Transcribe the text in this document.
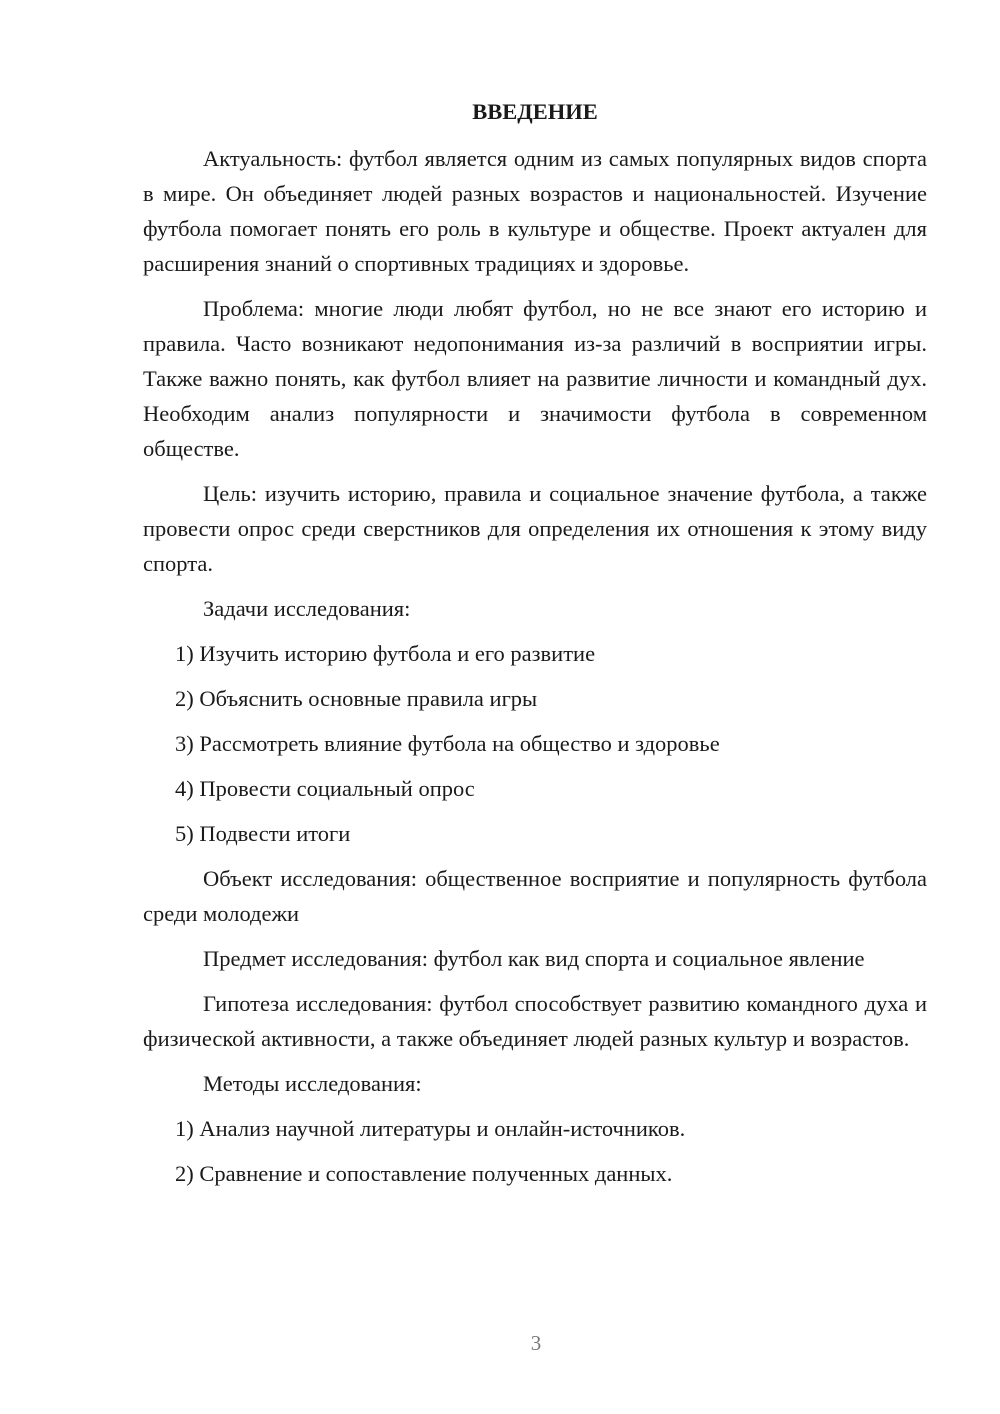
ВВЕДЕНИЕ
Актуальность: футбол является одним из самых популярных видов спорта в мире. Он объединяет людей разных возрастов и национальностей. Изучение футбола помогает понять его роль в культуре и обществе. Проект актуален для расширения знаний о спортивных традициях и здоровье.
Проблема: многие люди любят футбол, но не все знают его историю и правила. Часто возникают недопонимания из-за различий в восприятии игры. Также важно понять, как футбол влияет на развитие личности и командный дух. Необходим анализ популярности и значимости футбола в современном обществе.
Цель: изучить историю, правила и социальное значение футбола, а также провести опрос среди сверстников для определения их отношения к этому виду спорта.
Задачи исследования:
1) Изучить историю футбола и его развитие
2) Объяснить основные правила игры
3) Рассмотреть влияние футбола на общество и здоровье
4) Провести социальный опрос
5) Подвести итоги
Объект исследования: общественное восприятие и популярность футбола среди молодежи
Предмет исследования: футбол как вид спорта и социальное явление
Гипотеза исследования: футбол способствует развитию командного духа и физической активности, а также объединяет людей разных культур и возрастов.
Методы исследования:
1) Анализ научной литературы и онлайн-источников.
2) Сравнение и сопоставление полученных данных.
3
